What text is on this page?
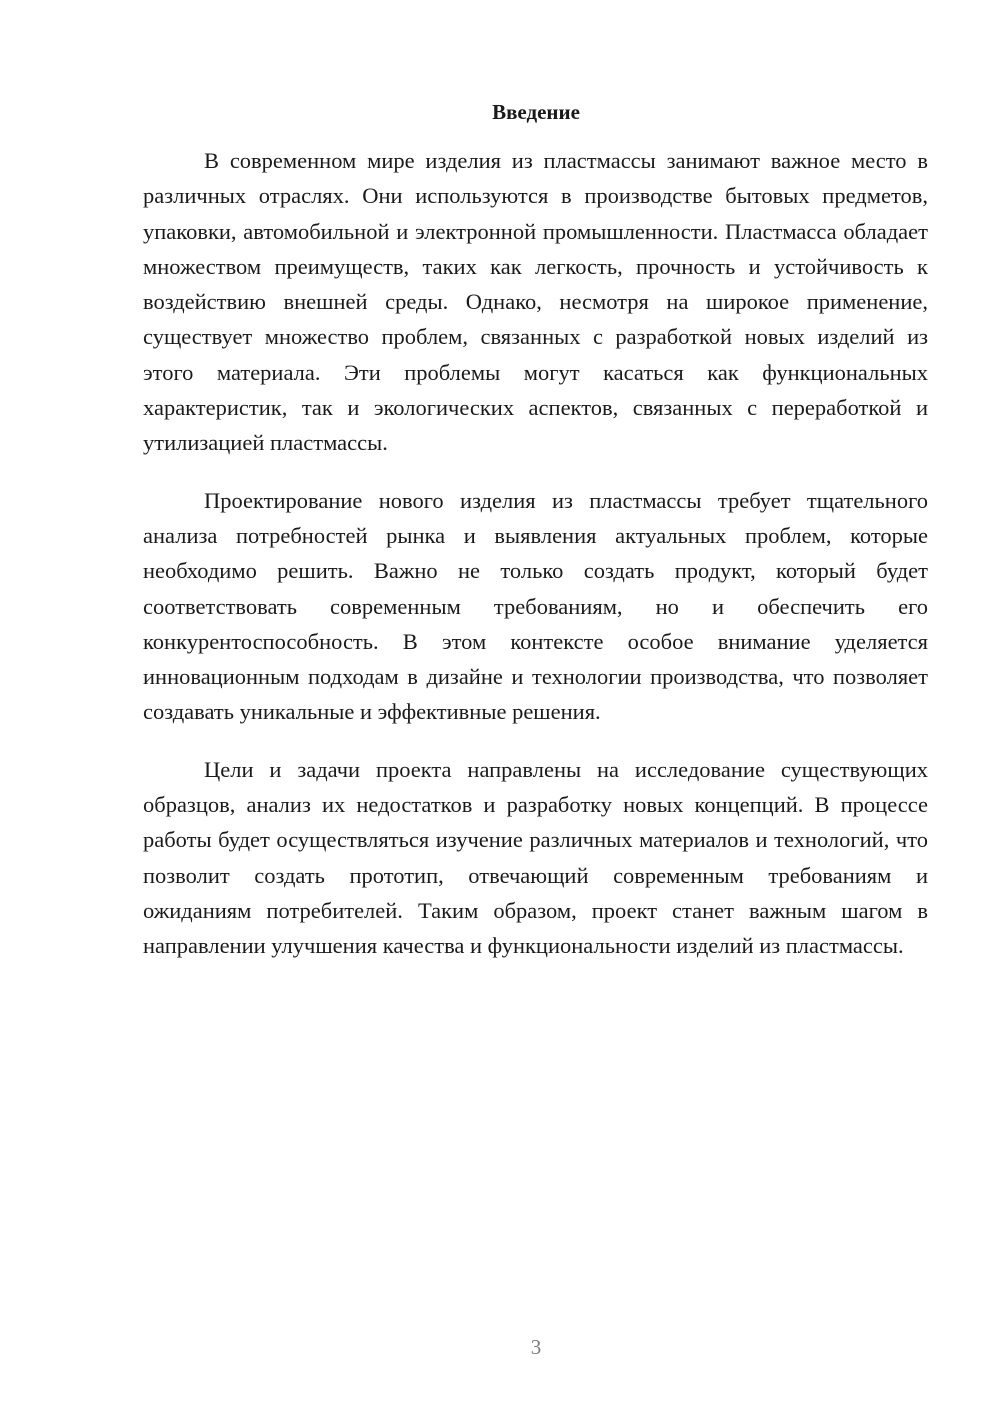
Введение

В современном мире изделия из пластмассы занимают важное место в различных отраслях. Они используются в производстве бытовых предметов, упаковки, автомобильной и электронной промышленности. Пластмасса обладает множеством преимуществ, таких как легкость, прочность и устойчивость к воздействию внешней среды. Однако, несмотря на широкое применение, существует множество проблем, связанных с разработкой новых изделий из этого материала. Эти проблемы могут касаться как функциональных характеристик, так и экологических аспектов, связанных с переработкой и утилизацией пластмассы.

Проектирование нового изделия из пластмассы требует тщательного анализа потребностей рынка и выявления актуальных проблем, которые необходимо решить. Важно не только создать продукт, который будет соответствовать современным требованиям, но и обеспечить его конкурентоспособность. В этом контексте особое внимание уделяется инновационным подходам в дизайне и технологии производства, что позволяет создавать уникальные и эффективные решения.

Цели и задачи проекта направлены на исследование существующих образцов, анализ их недостатков и разработку новых концепций. В процессе работы будет осуществляться изучение различных материалов и технологий, что позволит создать прототип, отвечающий современным требованиям и ожиданиям потребителей. Таким образом, проект станет важным шагом в направлении улучшения качества и функциональности изделий из пластмассы.

3
